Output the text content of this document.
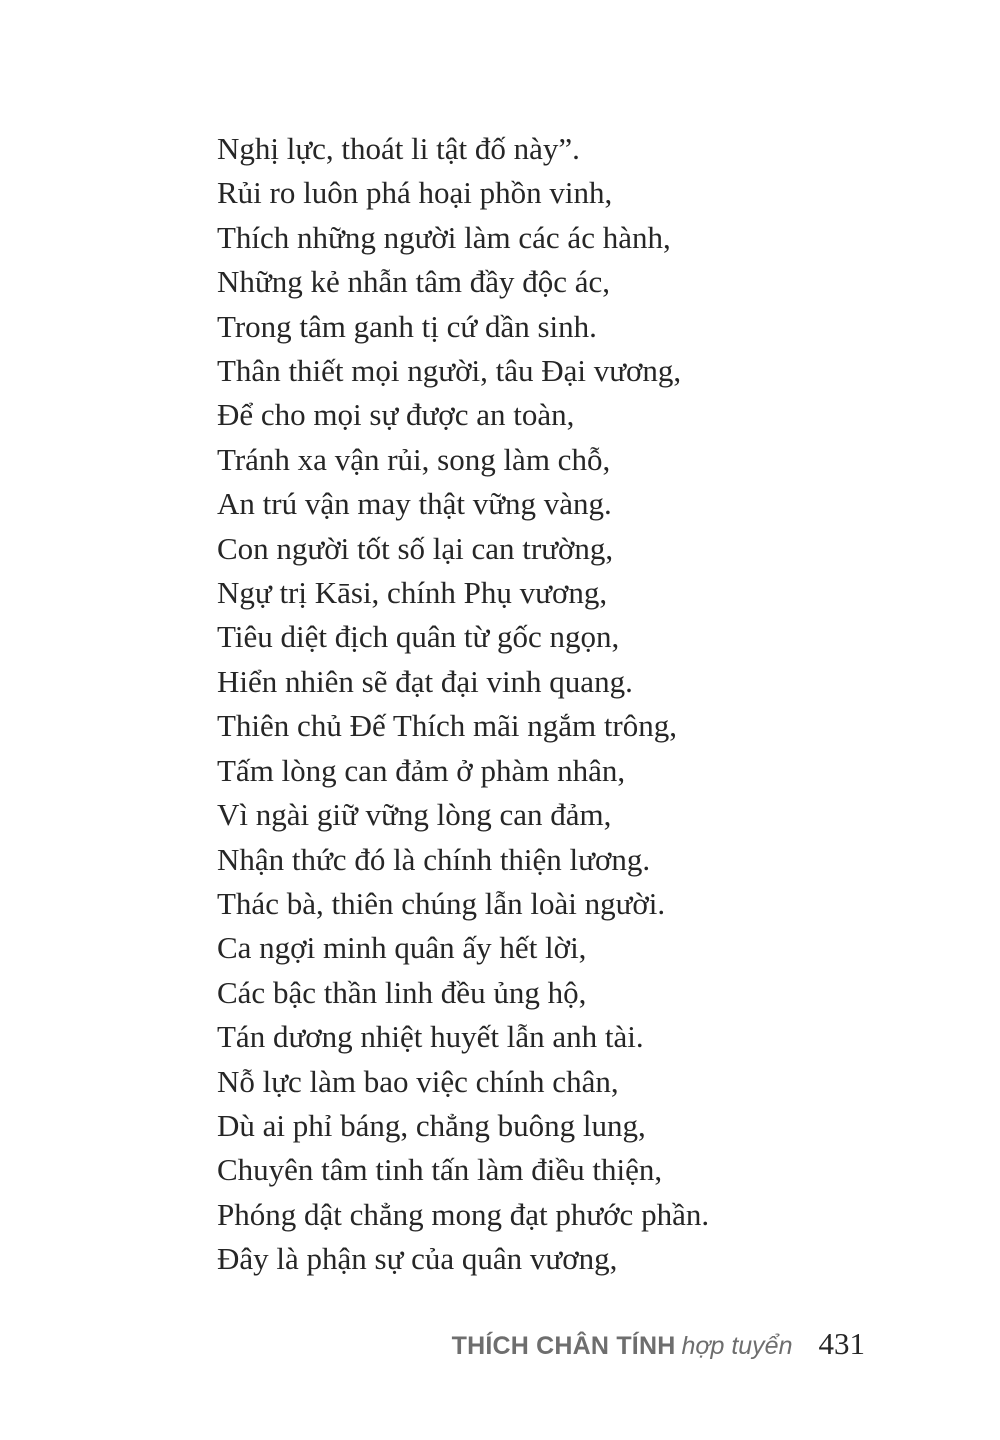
Nghị lực, thoát li tật đố này”.
Rủi ro luôn phá hoại phồn vinh,
Thích những người làm các ác hành,
Những kẻ nhẫn tâm đầy độc ác,
Trong tâm ganh tị cứ dần sinh.
Thân thiết mọi người, tâu Đại vương,
Để cho mọi sự được an toàn,
Tránh xa vận rủi, song làm chỗ,
An trú vận may thật vững vàng.
Con người tốt số lại can trường,
Ngự trị Kāsi, chính Phụ vương,
Tiêu diệt địch quân từ gốc ngọn,
Hiển nhiên sẽ đạt đại vinh quang.
Thiên chủ Đế Thích mãi ngắm trông,
Tấm lòng can đảm ở phàm nhân,
Vì ngài giữ vững lòng can đảm,
Nhận thức đó là chính thiện lương.
Thác bà, thiên chúng lẫn loài người.
Ca ngợi minh quân ấy hết lời,
Các bậc thần linh đều ủng hộ,
Tán dương nhiệt huyết lẫn anh tài.
Nỗ lực làm bao việc chính chân,
Dù ai phỉ báng, chẳng buông lung,
Chuyên tâm tinh tấn làm điều thiện,
Phóng dật chẳng mong đạt phước phần.
Đây là phận sự của quân vương,
THÍCH CHÂN TÍNH hợp tuyển 431
